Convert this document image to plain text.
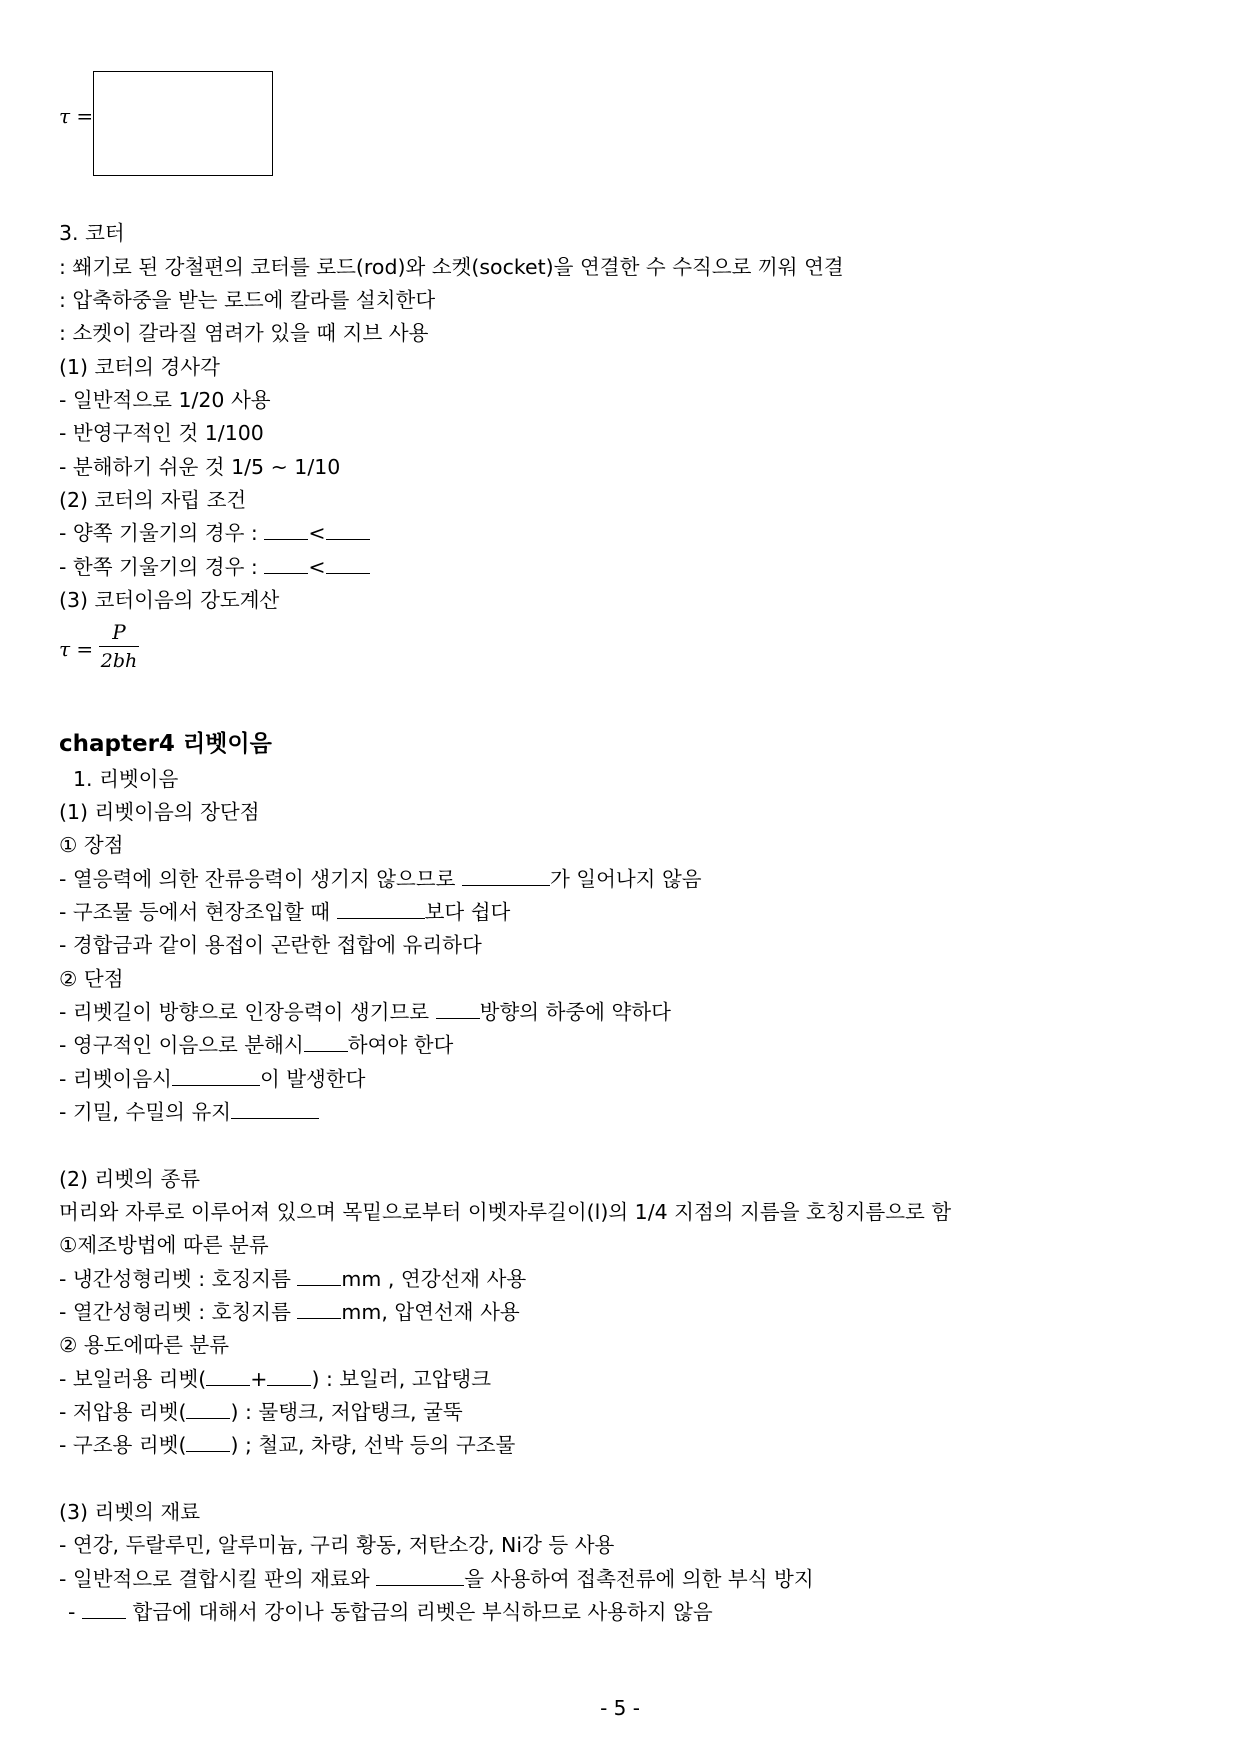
τ =
3. 코터
: 쐐기로 된 강철편의 코터를 로드(rod)와 소켓(socket)을 연결한 수 수직으로 끼워 연결
: 압축하중을 받는 로드에 칼라를 설치한다
: 소켓이 갈라질 염려가 있을 때 지브 사용
(1) 코터의 경사각
- 일반적으로 1/20 사용
- 반영구적인 것 1/100
- 분해하기 쉬운 것 1/5 ~ 1/10
(2) 코터의 자립 조건
- 양쪽 기울기의 경우 : <
- 한쪽 기울기의 경우 : <
(3) 코터이음의 강도계산
τ =
P
2bh
chapter4 리벳이음
1. 리벳이음
(1) 리벳이음의 장단점
① 장점
- 열응력에 의한 잔류응력이 생기지 않으므로	가 일어나지 않음
- 구조물 등에서 현장조입할 때	보다 쉽다
- 경합금과 같이 용접이 곤란한 접합에 유리하다
② 단점
- 리벳길이 방향으로 인장응력이 생기므로 방향의 하중에 약하다
- 영구적인 이음으로 분해시 하여야 한다
- 리벳이음시	이 발생한다
- 기밀, 수밀의 유지
(2) 리벳의 종류
머리와 자루로 이루어져 있으며 목밑으로부터 이벳자루길이(l)의 1/4 지점의 지름을 호칭지름으로 함
①제조방법에 따른 분류
- 냉간성형리벳 : 호징지름 mm , 연강선재 사용
- 열간성형리벳 : 호칭지름 mm, 압연선재 사용
② 용도에따른 분류
- 보일러용 리벳( + ) : 보일러, 고압탱크
- 저압용 리벳( ) : 물탱크, 저압탱크, 굴뚝
- 구조용 리벳( ) ; 철교, 차량, 선박 등의 구조물
(3) 리벳의 재료
- 연강, 두랄루민, 알루미늄, 구리 황동, 저탄소강, Ni강 등 사용
- 일반적으로 결합시킬 판의 재료와	을 사용하여 접촉전류에 의한 부식 방지
-  합금에 대해서 강이나 동합금의 리벳은 부식하므로 사용하지 않음
- 5 -
